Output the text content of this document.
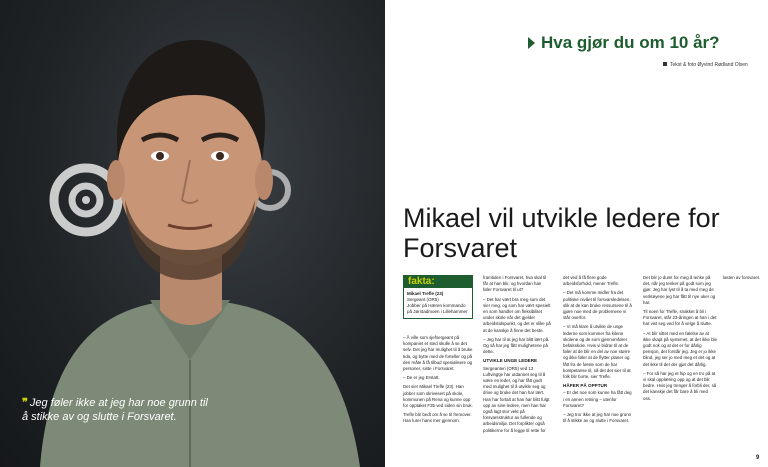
❞ Jeg føler ikke at jeg har noe grunn til å stikke av og slutte i Forsvaret.
Hva gjør du om 10 år?
Tekst & foto Øyvind Rødland Olsen
Mikael vil utvikle ledere for Forsvaret
fakta:
Mikael Trefle (23)
Sergeant (OR5)
Jobber på Hæren kommando på Jørstadmoen i Lillehammer

– Å ville som sjefsergeant på kompaniet et sted skulle å se det selv. Det jeg har mulighet til å bruke tida, og bytte med de forteller og på den måte å få tilbud spesialisere og personer, siste i Forsvaret.

– De er jeg Erstatt.

Det sier Mikael Trefle (23). Han jobber som skrivesert på skole, kommunen på Rena og kunne opp for opptaket F35 ved siden sin bruk.

Trefle blir bedt om å se til fremover. Han lurer hans mer gjennom.

framtiden i Forsvaret, hva skal til får at han blir, og hvordan han føler Forsvaret til ut?

– Det har vært bra meg som det sier meg, og som har vært spesielt en som handler om fleksibilitet under skole når det gjelder arbeidstidspunkt, og det er slike på at de kanskje å finne det beste.

– Jeg har til at jeg har blitt lært på. Og så har jeg fått mulighetene på dette.

UTVIKLE UNGE LEDERE

Sergeanten (OR5) ved 13 Luftvingtje har utdannet seg til å være en leder, og har fått godt med mulighet til å utvikle seg og drive og bruke det han har lært. Han har fortalt at han har blitt fulgt opp av sine ledere, men han har også lagt stor vekt på forsvarsstruktur av fullende og arbeidsmiljø. Det forplikter også politikerne for å legge til rette for

det ved å få flere gode arbeidsforhold, mener Trefle.

– Det må komme midler fra det politiske nivået til forsvarsledelsen, slik at de kan bruke ressursene til å gjøre noe med de problemene vi står overfor.

– Vi må klare å utvikle de unge lederne som kommer fra kilene skolene og de som gjennomfører befalsskole. Hvis vi bidrar til at de føler at de blir en del av noe større og ikke føler at de flytter planer og fått fra de første som de har kompetanse til, så det det sier til at folk blir borte, sier Trefle.

HÅPER PÅ OPPTUR

– Er det noe som kunne ha fått deg i en annen retning – utenfor Forsvaret?

– Jeg tror ikke at jeg har noe grunn til å stikke av og slutte i Forsvaret.

Det blir jo dumt for meg å tenke på det, når jeg tenker på godt som jeg gjør. Jeg har lyst til å ta med meg de verktøyene jeg har fått til nye uker og har.

Til noen for Trefle, snakket å bli i Forsvaret, står 23-åringen at han i det har vist seg ved for å velge å slutte.

– At blir sittet med en følelse av at ikke skapt på systemet, at det ikke ble godt nok og at det er for dårlig pensjon, det forstår jeg. Jeg er jo ikke blind, jeg ser jo med meg et det og at det ikke til det der gjør det dårlig.

– For så har jeg et hip og en tro på at vi skal opplæring opp og at det blir bedre. Hvis jeg trenger å forbli der, så det kanskje det får bare å bli med oss.

lasten av forsvaret.

9
